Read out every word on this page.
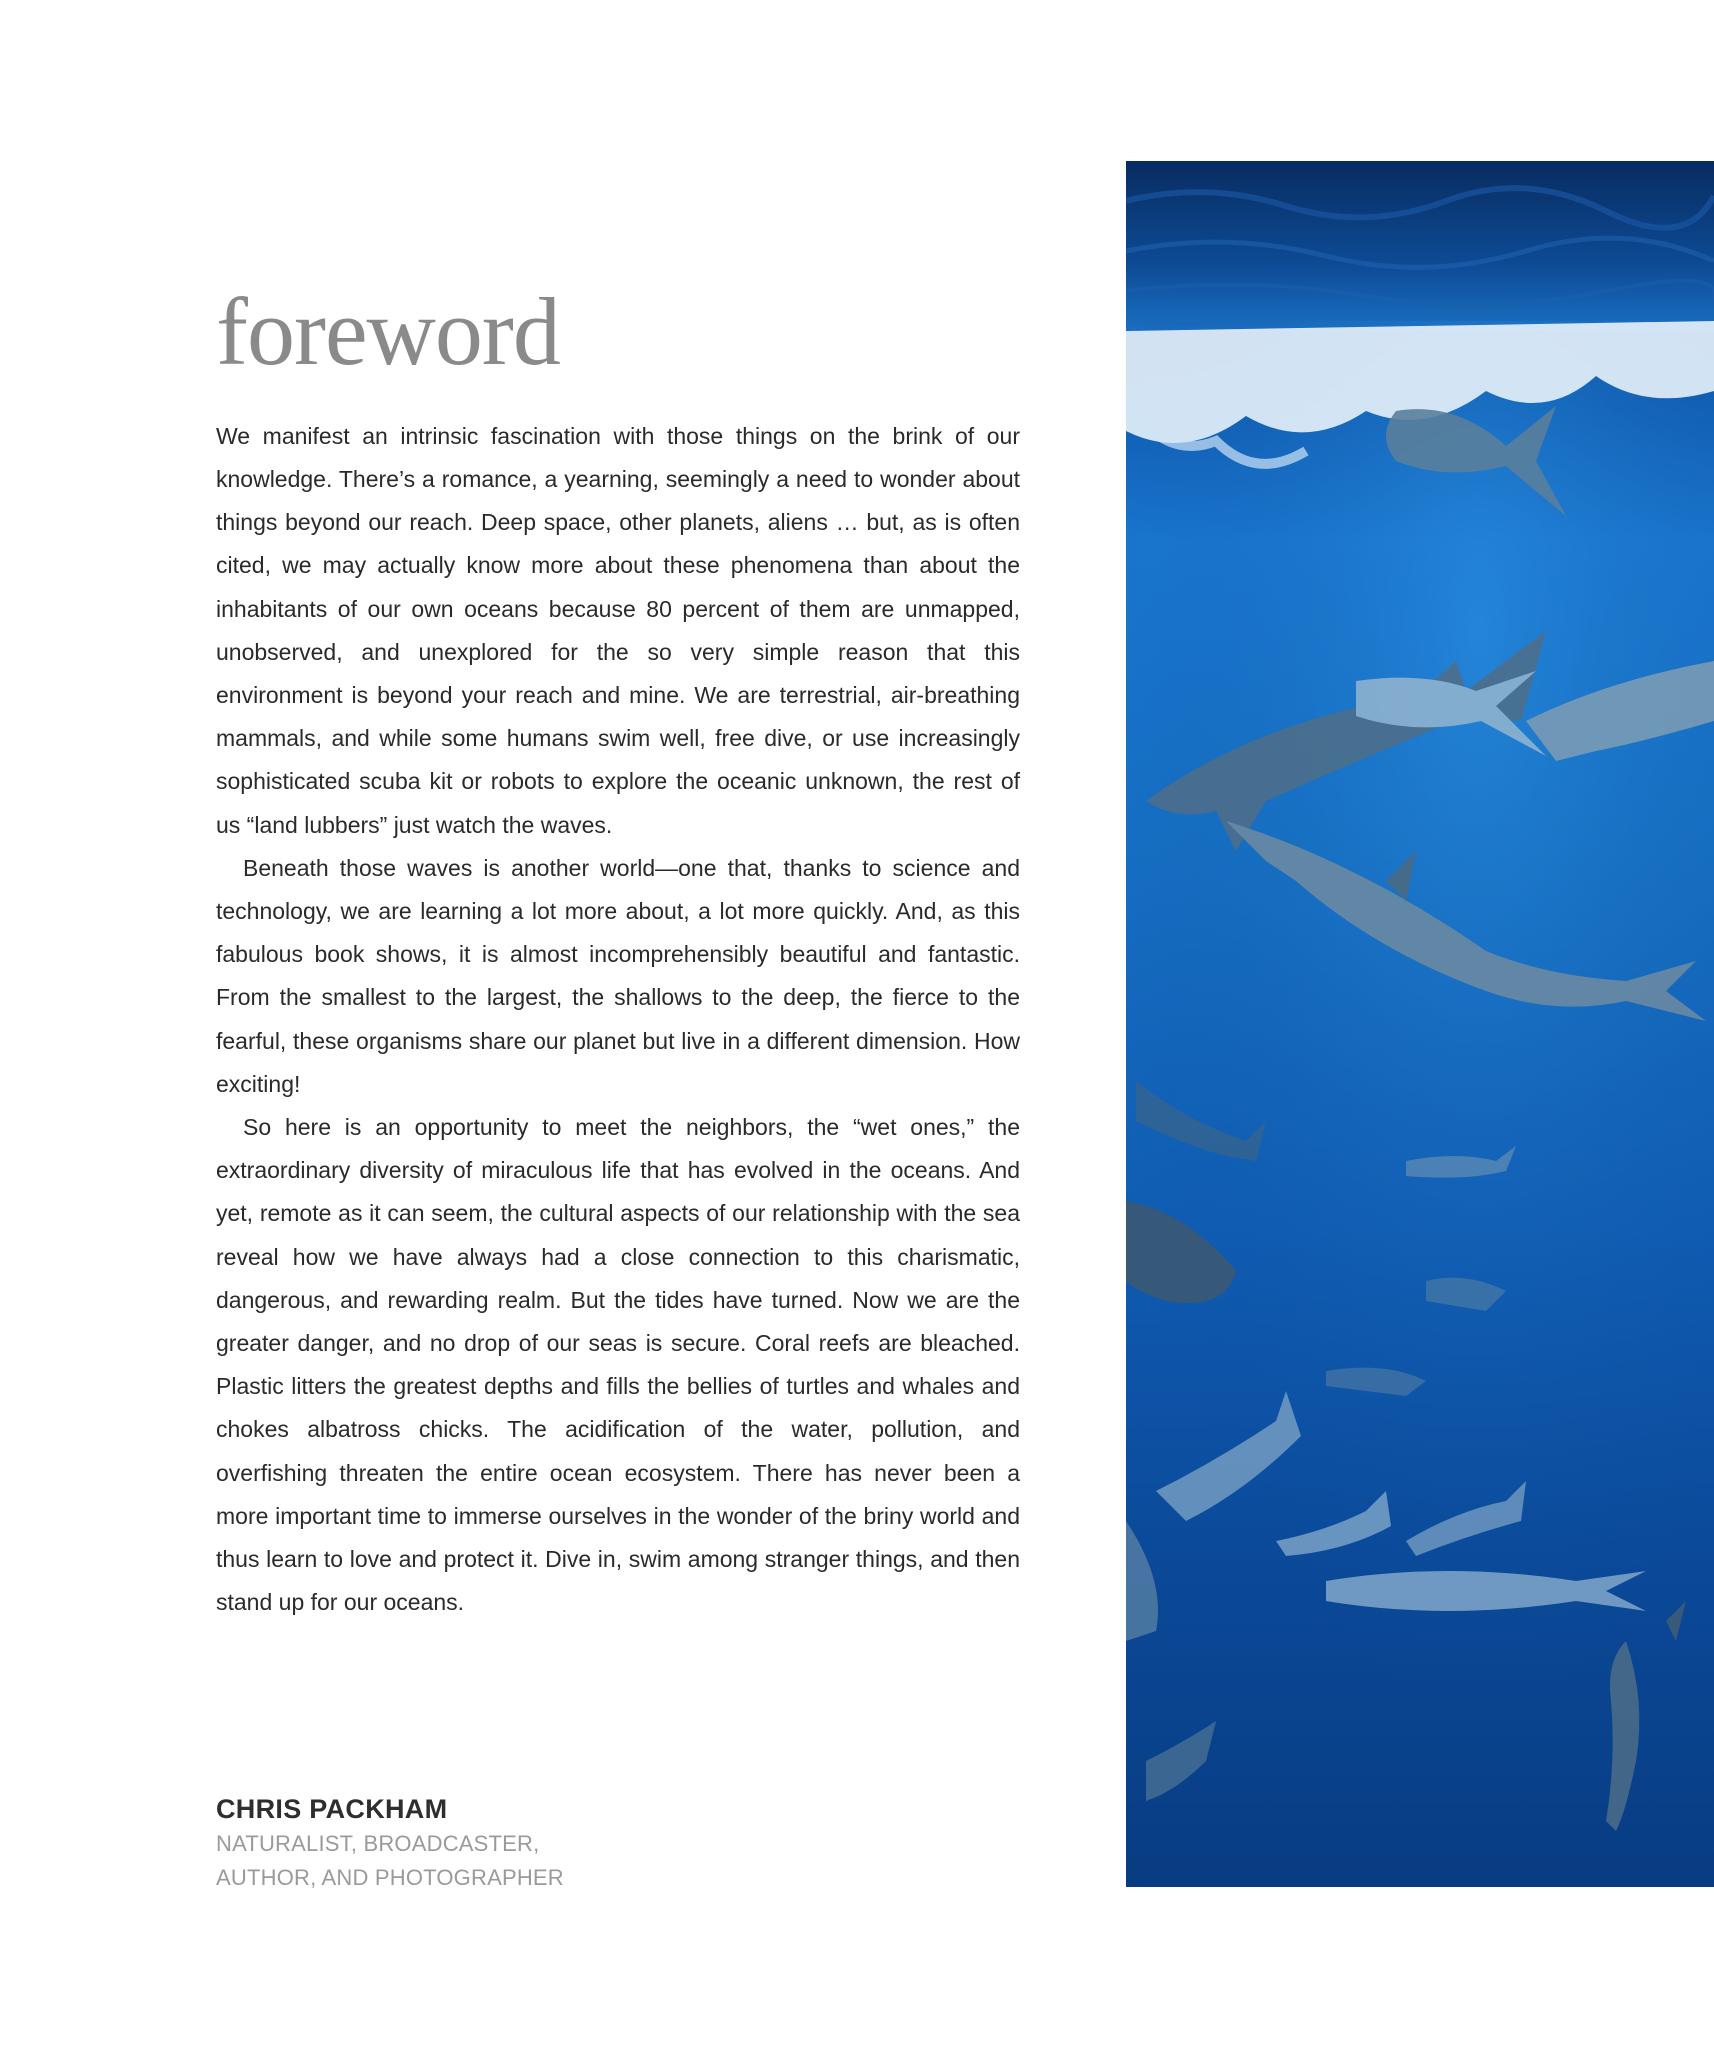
foreword

We manifest an intrinsic fascination with those things on the brink of our knowledge. There’s a romance, a yearning, seemingly a need to wonder about things beyond our reach. Deep space, other planets, aliens … but, as is often cited, we may actually know more about these phenomena than about the inhabitants of our own oceans because 80 percent of them are unmapped, unobserved, and unexplored for the so very simple reason that this environment is beyond your reach and mine. We are terrestrial, air-breathing mammals, and while some humans swim well, free dive, or use increasingly sophisticated scuba kit or robots to explore the oceanic unknown, the rest of us “land lubbers” just watch the waves.

Beneath those waves is another world—one that, thanks to science and technology, we are learning a lot more about, a lot more quickly. And, as this fabulous book shows, it is almost incomprehensibly beautiful and fantastic. From the smallest to the largest, the shallows to the deep, the fierce to the fearful, these organisms share our planet but live in a different dimension. How exciting!

So here is an opportunity to meet the neighbors, the “wet ones,” the extraordinary diversity of miraculous life that has evolved in the oceans. And yet, remote as it can seem, the cultural aspects of our relationship with the sea reveal how we have always had a close connection to this charismatic, dangerous, and rewarding realm. But the tides have turned. Now we are the greater danger, and no drop of our seas is secure. Coral reefs are bleached. Plastic litters the greatest depths and fills the bellies of turtles and whales and chokes albatross chicks. The acidification of the water, pollution, and overfishing threaten the entire ocean ecosystem. There has never been a more important time to immerse ourselves in the wonder of the briny world and thus learn to love and protect it. Dive in, swim among stranger things, and then stand up for our oceans.

CHRIS PACKHAM
NATURALIST, BROADCASTER,
AUTHOR, AND PHOTOGRAPHER
